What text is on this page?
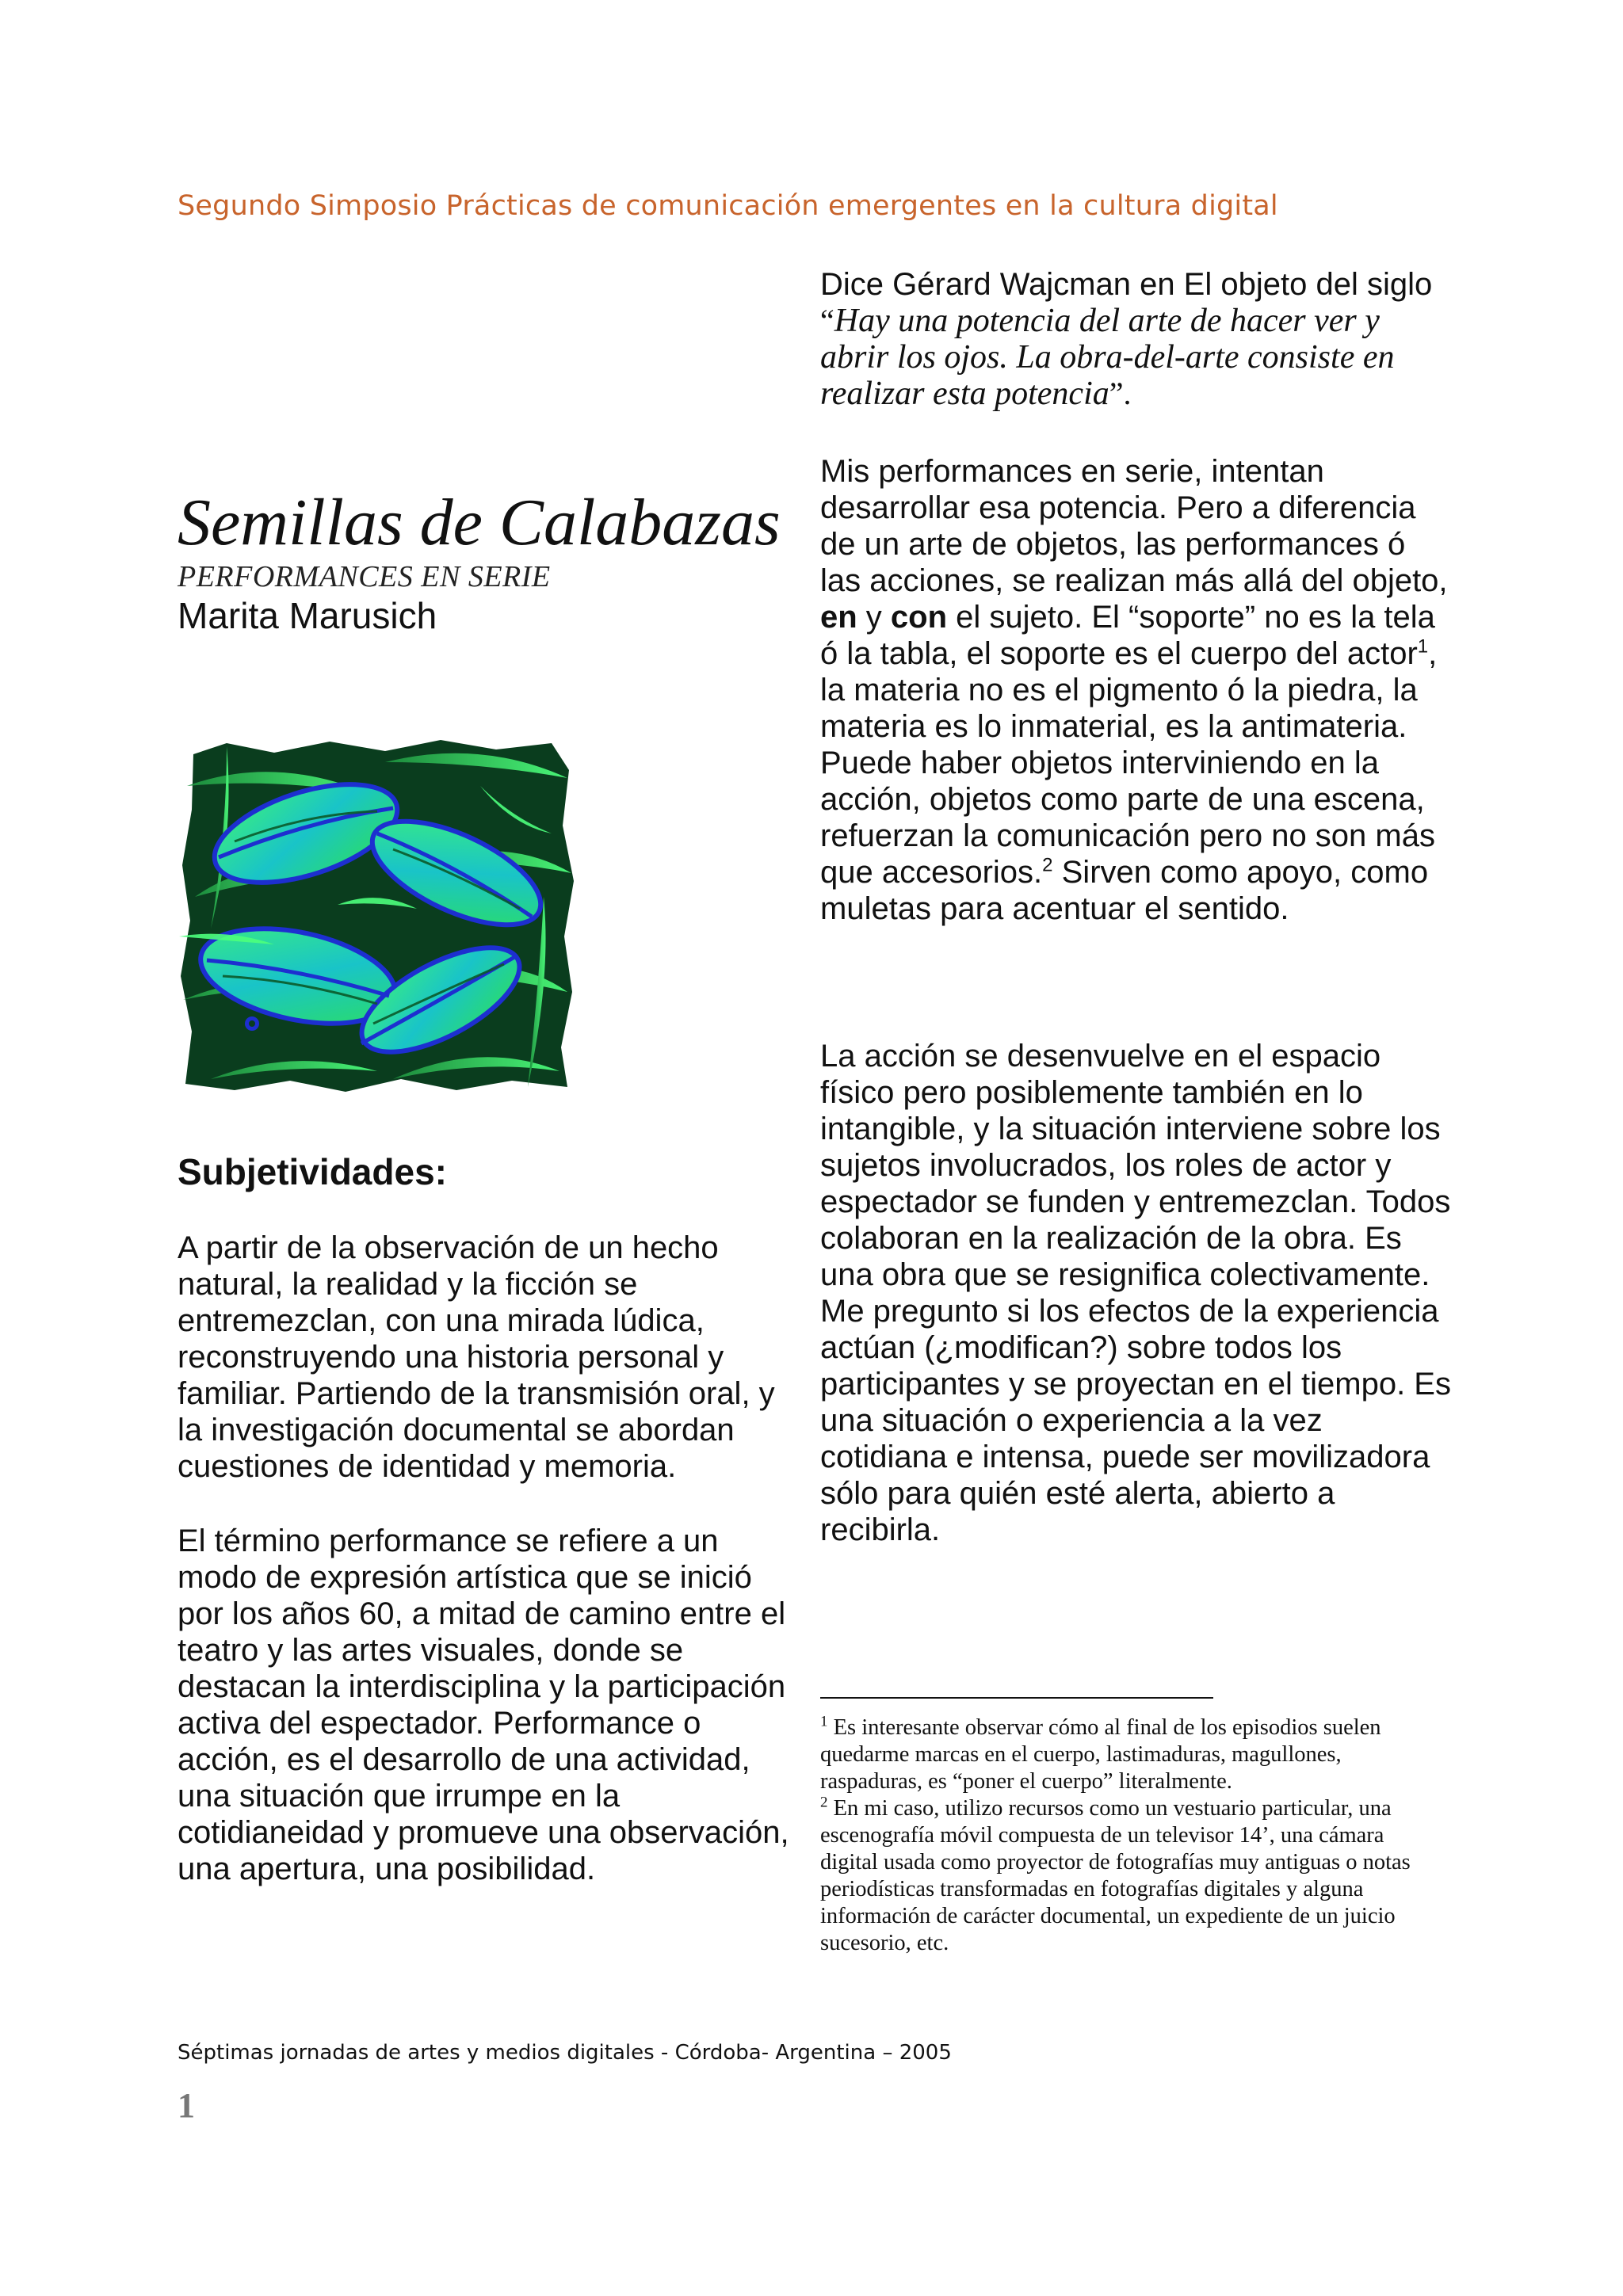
Segundo Simposio Prácticas de comunicación emergentes en la cultura digital
Semillas de Calabazas
PERFORMANCES EN SERIE
Marita Marusich
Subjetividades:

A partir de la observación de un hecho natural, la realidad y la ficción se entremezclan, con una mirada lúdica, reconstruyendo una historia personal y familiar. Partiendo de la transmisión oral, y la investigación documental se abordan cuestiones de identidad y memoria.

El término performance se refiere a un modo de expresión artística que se inició por los años 60, a mitad de camino entre el teatro y las artes visuales, donde se destacan la interdisciplina y la participación activa del espectador. Performance o acción, es el desarrollo de una actividad, una situación que irrumpe en la cotidianeidad y promueve una observación, una apertura, una posibilidad.

Dice Gérard Wajcman en El objeto del siglo “Hay una potencia del arte de hacer ver y abrir los ojos. La obra-del-arte consiste en realizar esta potencia”.

Mis performances en serie, intentan desarrollar esa potencia. Pero a diferencia de un arte de objetos, las performances ó las acciones, se realizan más allá del objeto, en y con el sujeto. El “soporte” no es la tela ó la tabla, el soporte es el cuerpo del actor$^1$, la materia no es el pigmento ó la piedra, la materia es lo inmaterial, es la antimateria.
Puede haber objetos interviniendo en la acción, objetos como parte de una escena, refuerzan la comunicación pero no son más que accesorios.$^2$ Sirven como apoyo, como muletas para acentuar el sentido.

La acción se desenvuelve en el espacio físico pero posiblemente también en lo intangible, y la situación interviene sobre los sujetos involucrados, los roles de actor y espectador se funden y entremezclan. Todos colaboran en la realización de la obra. Es una obra que se resignifica colectivamente.
Me pregunto si los efectos de la experiencia actúan (¿modifican?) sobre todos los participantes y se proyectan en el tiempo. Es una situación o experiencia a la vez cotidiana e intensa, puede ser movilizadora sólo para quién esté alerta, abierto a recibirla.

$^1$ Es interesante observar cómo al final de los episodios suelen quedarme marcas en el cuerpo, lastimaduras, magullones, raspaduras, es “poner el cuerpo” literalmente.

$^2$ En mi caso, utilizo recursos como un vestuario particular, una escenografía móvil compuesta de un televisor 14’, una cámara digital usada como proyector de fotografías muy antiguas o notas periodísticas transformadas en fotografías digitales y alguna información de carácter documental, un expediente de un juicio sucesorio, etc.

Séptimas jornadas de artes y medios digitales - Córdoba- Argentina – 2005
1
